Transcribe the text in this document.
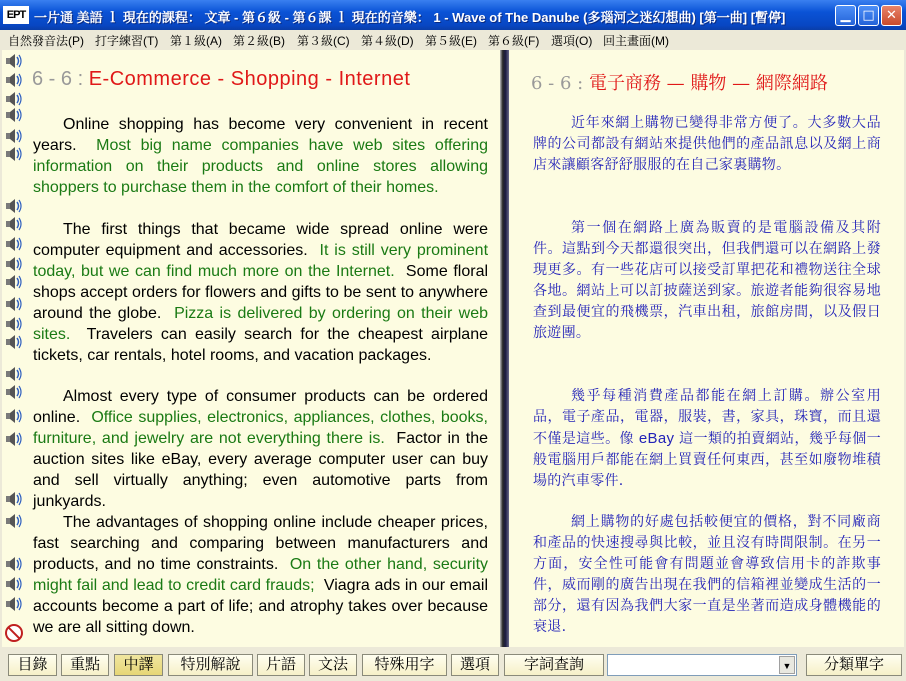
EPT 一片通 美語 ｌ 現在的課程： 文章 - 第６級 - 第６課 ｌ 現在的音樂： 1 - Wave of The Danube (多瑙河之迷幻想曲) [第一曲] [暫停]	▁ □ ✕
自然發音法(P) 打字練習(T) 第１級(A) 第２級(B) 第３級(C) 第４級(D) 第５級(E) 第６級(F) 選項(O) 回主畫面(M)
6 - 6 : E-Commerce - Shopping - Internet
Online shopping has become very convenient in recent years. Most big name companies have web sites offering information on their products and online stores allowing shoppers to purchase them in the comfort of their homes.
The first things that became wide spread online were computer equipment and accessories. It is still very prominent today, but we can find much more on the Internet. Some floral shops accept orders for flowers and gifts to be sent to anywhere around the globe. Pizza is delivered by ordering on their web sites. Travelers can easily search for the cheapest airplane tickets, car rentals, hotel rooms, and vacation packages.
Almost every type of consumer products can be ordered online. Office supplies, electronics, appliances, clothes, books, furniture, and jewelry are not everything there is. Factor in the auction sites like eBay, every average computer user can buy and sell virtually anything; even automotive parts from junkyards.
The advantages of shopping online include cheaper prices, fast searching and comparing between manufacturers and products, and no time constraints. On the other hand, security might fail and lead to credit card frauds; Viagra ads in our email accounts become a part of life; and atrophy takes over because we are all sitting down.
6 - 6 : 電子商務 — 購物 — 網際網路
近年來網上購物已變得非常方便了。大多數大品牌的公司都設有網站來提供他們的產品訊息以及網上商店來讓顧客舒舒服服的在自己家裏購物。
第一個在網路上廣為販賣的是電腦設備及其附件。這點到今天都還很突出，但我們還可以在網路上發現更多。有一些花店可以接受訂單把花和禮物送往全球各地。網站上可以訂披薩送到家。旅遊者能夠很容易地查到最便宜的飛機票，汽車出租，旅館房間，以及假日旅遊團。
幾乎每種消費產品都能在網上訂購。辦公室用品，電子產品，電器，服裝，書，家具，珠寶，而且還不僅是這些。像 eBay 這一類的拍賣網站，幾乎每個一般電腦用戶都能在網上買賣任何東西，甚至如廢物堆積場的汽車零件.
網上購物的好處包括較便宜的價格，對不同廠商和產品的快速搜尋與比較，並且沒有時間限制。在另一方面，安全性可能會有問題並會導致信用卡的詐欺事件，威而剛的廣告出現在我們的信箱裡並變成生活的一部分，還有因為我們大家一直是坐著而造成身體機能的衰退.
目錄	重點	中譯	特別解說	片語	文法	特殊用字	選項	字詞查詢	▼	分類單字
